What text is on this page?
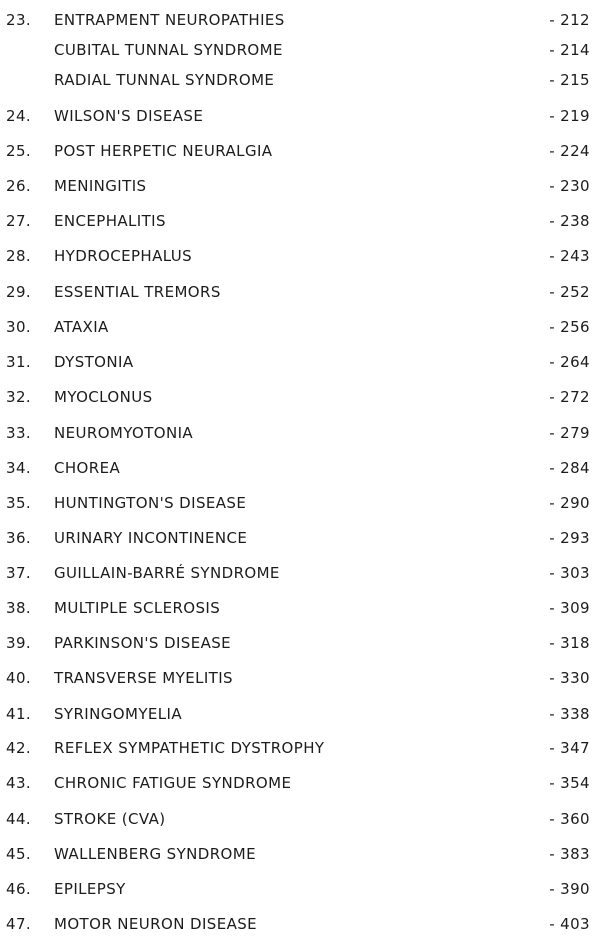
23. ENTRAPMENT NEUROPATHIES	- 212
CUBITAL TUNNAL SYNDROME	- 214
RADIAL TUNNAL SYNDROME	- 215
24. WILSON'S DISEASE	- 219
25. POST HERPETIC NEURALGIA	- 224
26. MENINGITIS	- 230
27. ENCEPHALITIS	- 238
28. HYDROCEPHALUS	- 243
29. ESSENTIAL TREMORS	- 252
30. ATAXIA	- 256
31. DYSTONIA	- 264
32. MYOCLONUS	- 272
33. NEUROMYOTONIA	- 279
34. CHOREA	- 284
35. HUNTINGTON'S DISEASE	- 290
36. URINARY INCONTINENCE	- 293
37. GUILLAIN-BARRÉ SYNDROME	- 303
38. MULTIPLE SCLEROSIS	- 309
39. PARKINSON'S DISEASE	- 318
40. TRANSVERSE MYELITIS	- 330
41. SYRINGOMYELIA	- 338
42. REFLEX SYMPATHETIC DYSTROPHY	- 347
43. CHRONIC FATIGUE SYNDROME	- 354
44. STROKE (CVA)	- 360
45. WALLENBERG SYNDROME	- 383
46. EPILEPSY	- 390
47. MOTOR NEURON DISEASE	- 403
